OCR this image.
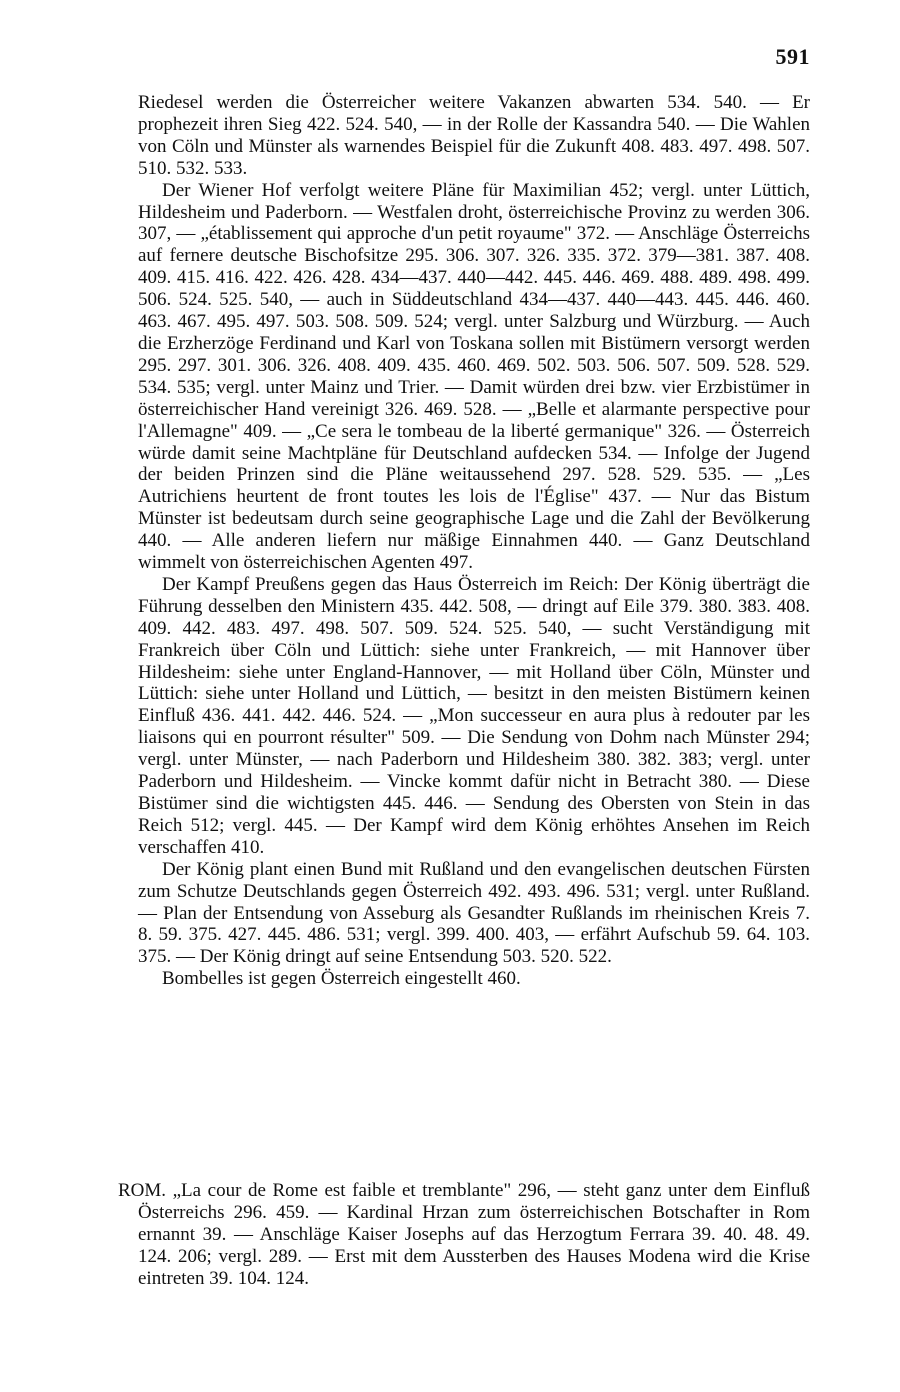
591

Riedesel werden die Österreicher weitere Vakanzen abwarten 534. 540. — Er prophezeit ihren Sieg 422. 524. 540, — in der Rolle der Kassandra 540. — Die Wahlen von Cöln und Münster als warnendes Beispiel für die Zukunft 408. 483. 497. 498. 507. 510. 532. 533.

Der Wiener Hof verfolgt weitere Pläne für Maximilian 452; vergl. unter Lüttich, Hildesheim und Paderborn. — Westfalen droht, österreichische Provinz zu werden 306. 307, — „établissement qui approche d'un petit royaume" 372. — Anschläge Österreichs auf fernere deutsche Bischofsitze 295. 306. 307. 326. 335. 372. 379—381. 387. 408. 409. 415. 416. 422. 426. 428. 434—437. 440—442. 445. 446. 469. 488. 489. 498. 499. 506. 524. 525. 540, — auch in Süddeutschland 434—437. 440—443. 445. 446. 460. 463. 467. 495. 497. 503. 508. 509. 524; vergl. unter Salzburg und Würzburg. — Auch die Erzherzöge Ferdinand und Karl von Toskana sollen mit Bistümern versorgt werden 295. 297. 301. 306. 326. 408. 409. 435. 460. 469. 502. 503. 506. 507. 509. 528. 529. 534. 535; vergl. unter Mainz und Trier. — Damit würden drei bzw. vier Erzbistümer in österreichischer Hand vereinigt 326. 469. 528. — „Belle et alarmante perspective pour l'Allemagne" 409. — „Ce sera le tombeau de la liberté germanique" 326. — Österreich würde damit seine Machtpläne für Deutschland aufdecken 534. — Infolge der Jugend der beiden Prinzen sind die Pläne weitaussehend 297. 528. 529. 535. — „Les Autrichiens heurtent de front toutes les lois de l'Église" 437. — Nur das Bistum Münster ist bedeutsam durch seine geographische Lage und die Zahl der Bevölkerung 440. — Alle anderen liefern nur mäßige Einnahmen 440. — Ganz Deutschland wimmelt von österreichischen Agenten 497.

Der Kampf Preußens gegen das Haus Österreich im Reich: Der König überträgt die Führung desselben den Ministern 435. 442. 508, — dringt auf Eile 379. 380. 383. 408. 409. 442. 483. 497. 498. 507. 509. 524. 525. 540, — sucht Verständigung mit Frankreich über Cöln und Lüttich: siehe unter Frankreich, — mit Hannover über Hildesheim: siehe unter England-Hannover, — mit Holland über Cöln, Münster und Lüttich: siehe unter Holland und Lüttich, — besitzt in den meisten Bistümern keinen Einfluß 436. 441. 442. 446. 524. — „Mon successeur en aura plus à redouter par les liaisons qui en pourront résulter" 509. — Die Sendung von Dohm nach Münster 294; vergl. unter Münster, — nach Paderborn und Hildesheim 380. 382. 383; vergl. unter Paderborn und Hildesheim. — Vincke kommt dafür nicht in Betracht 380. — Diese Bistümer sind die wichtigsten 445. 446. — Sendung des Obersten von Stein in das Reich 512; vergl. 445. — Der Kampf wird dem König erhöhtes Ansehen im Reich verschaffen 410.

Der König plant einen Bund mit Rußland und den evangelischen deutschen Fürsten zum Schutze Deutschlands gegen Österreich 492. 493. 496. 531; vergl. unter Rußland. — Plan der Entsendung von Asseburg als Gesandter Rußlands im rheinischen Kreis 7. 8. 59. 375. 427. 445. 486. 531; vergl. 399. 400. 403, — erfährt Aufschub 59. 64. 103. 375. — Der König dringt auf seine Entsendung 503. 520. 522.

Bombelles ist gegen Österreich eingestellt 460.

ROM. „La cour de Rome est faible et tremblante" 296, — steht ganz unter dem Einfluß Österreichs 296. 459. — Kardinal Hrzan zum österreichischen Botschafter in Rom ernannt 39. — Anschläge Kaiser Josephs auf das Herzogtum Ferrara 39. 40. 48. 49. 124. 206; vergl. 289. — Erst mit dem Aussterben des Hauses Modena wird die Krise eintreten 39. 104. 124.
